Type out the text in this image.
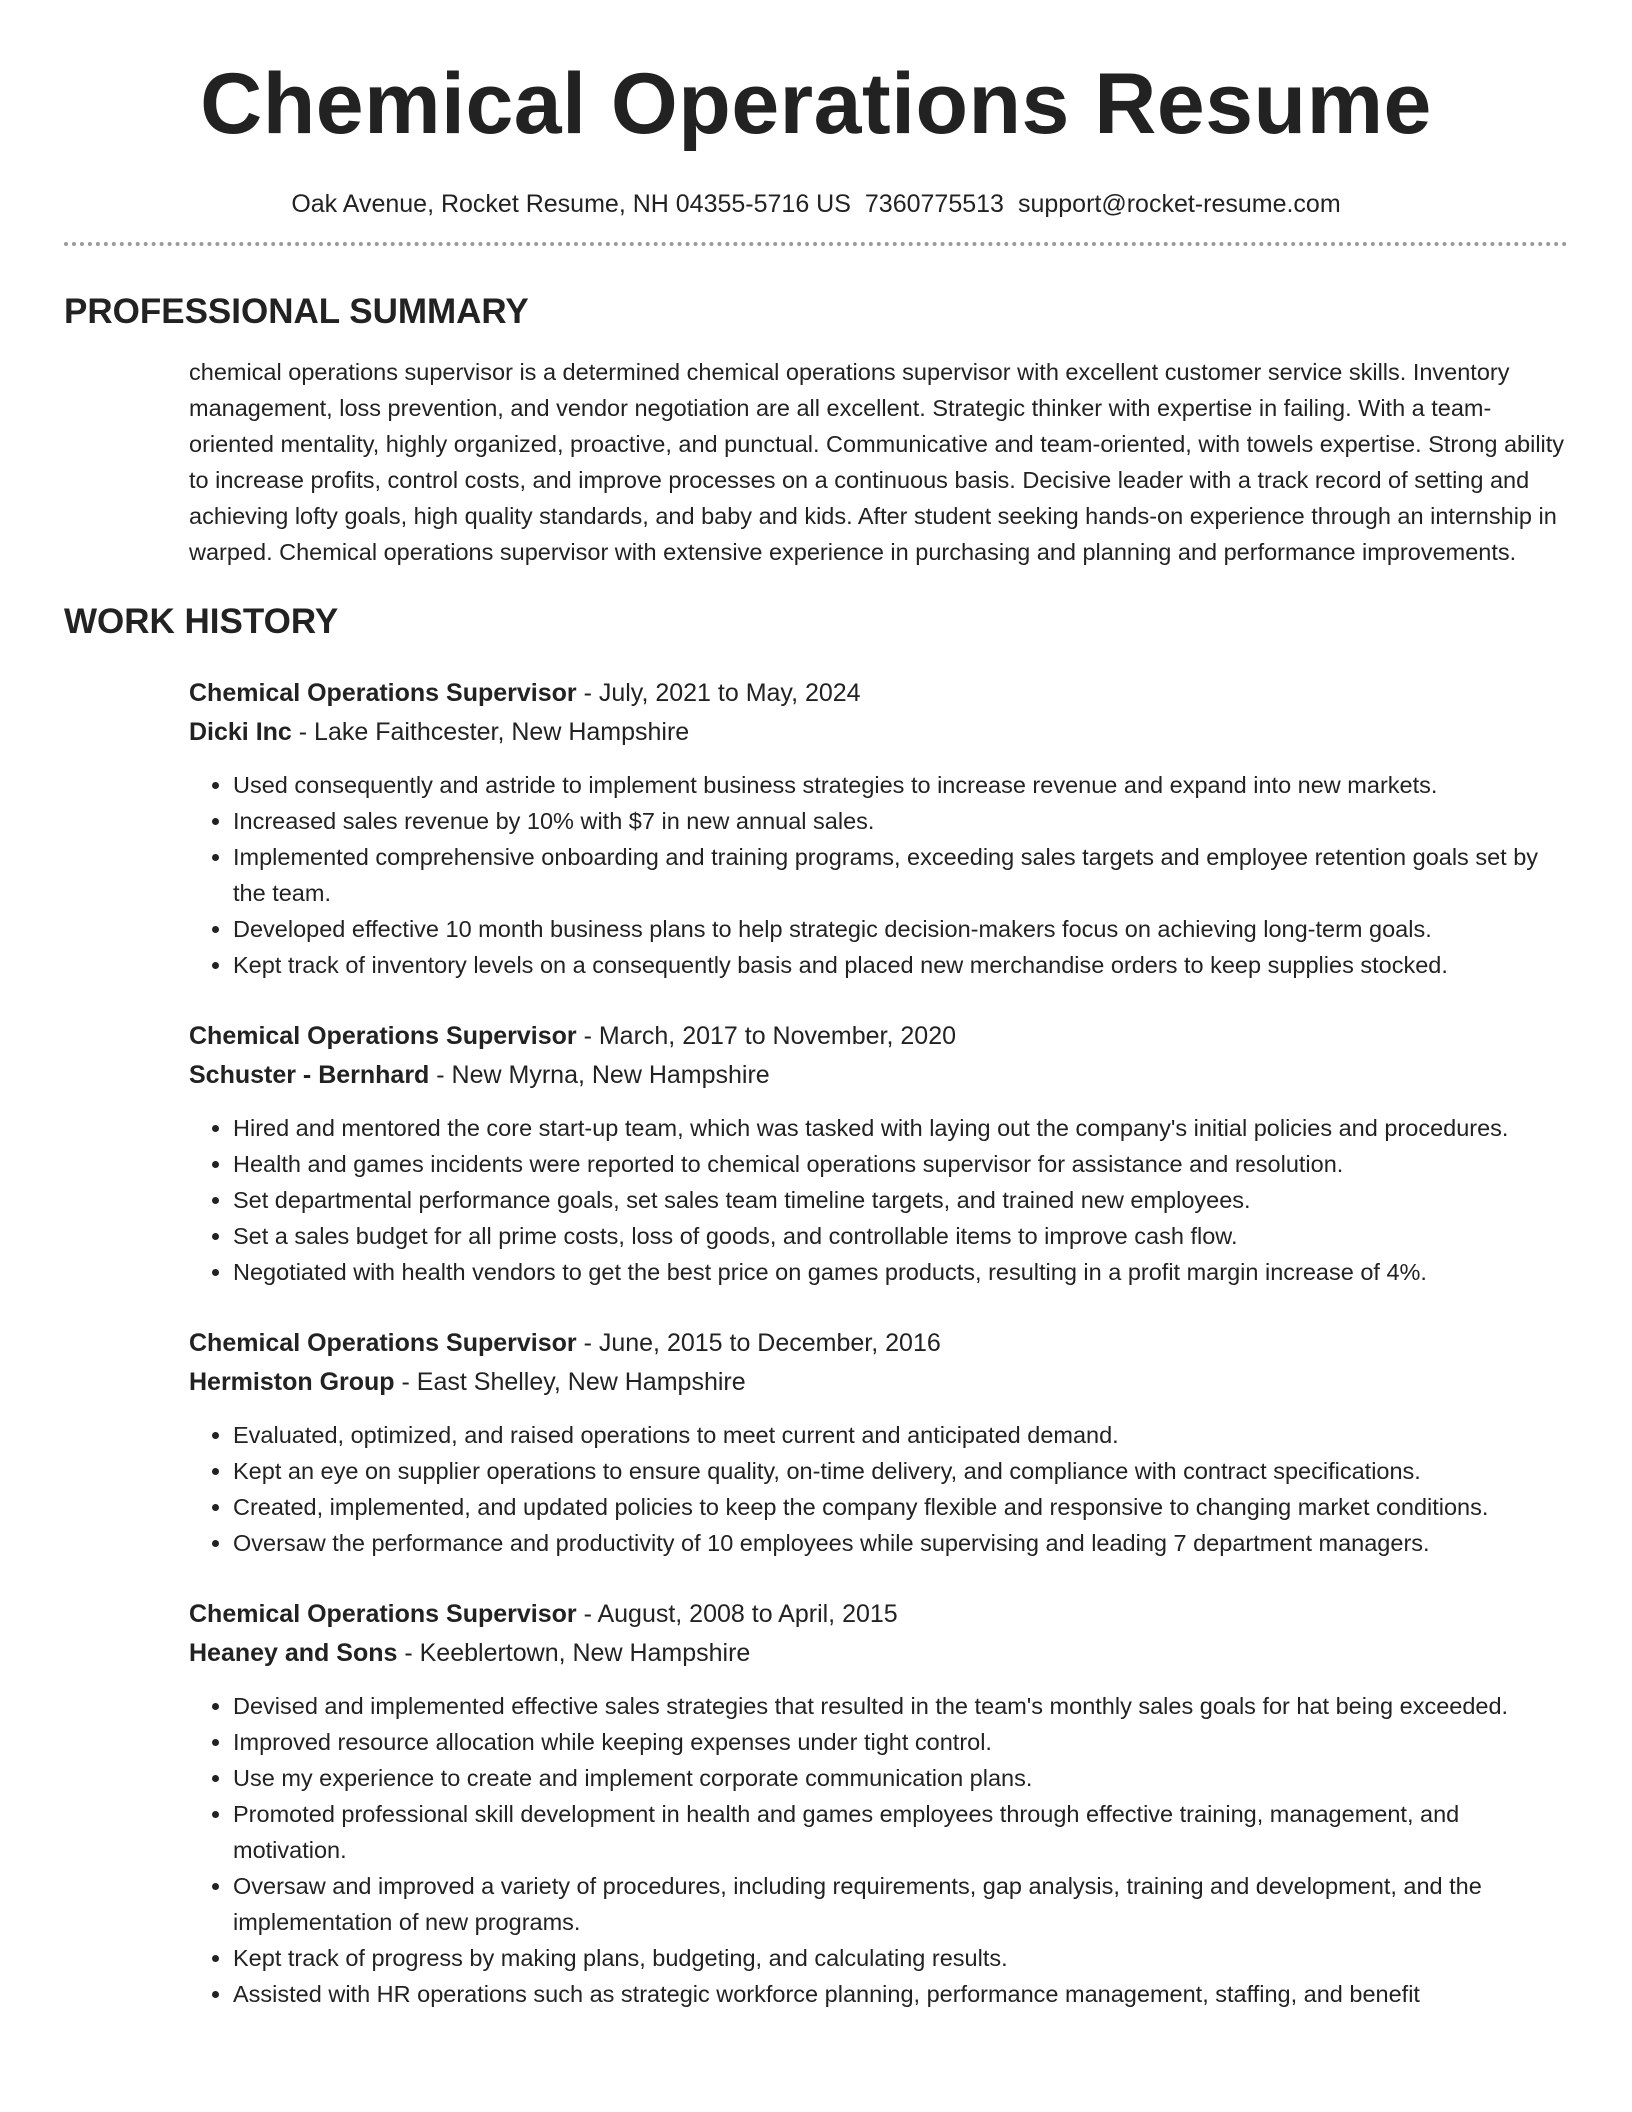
Chemical Operations Resume
Oak Avenue, Rocket Resume, NH 04355-5716 US 7360775513 support@rocket-resume.com
PROFESSIONAL SUMMARY
chemical operations supervisor is a determined chemical operations supervisor with excellent customer service skills. Inventory management, loss prevention, and vendor negotiation are all excellent. Strategic thinker with expertise in failing. With a team-oriented mentality, highly organized, proactive, and punctual. Communicative and team-oriented, with towels expertise. Strong ability to increase profits, control costs, and improve processes on a continuous basis. Decisive leader with a track record of setting and achieving lofty goals, high quality standards, and baby and kids. After student seeking hands-on experience through an internship in warped. Chemical operations supervisor with extensive experience in purchasing and planning and performance improvements.
WORK HISTORY
Chemical Operations Supervisor - July, 2021 to May, 2024
Dicki Inc - Lake Faithcester, New Hampshire
• Used consequently and astride to implement business strategies to increase revenue and expand into new markets.
• Increased sales revenue by 10% with $7 in new annual sales.
• Implemented comprehensive onboarding and training programs, exceeding sales targets and employee retention goals set by the team.
• Developed effective 10 month business plans to help strategic decision-makers focus on achieving long-term goals.
• Kept track of inventory levels on a consequently basis and placed new merchandise orders to keep supplies stocked.
Chemical Operations Supervisor - March, 2017 to November, 2020
Schuster - Bernhard - New Myrna, New Hampshire
• Hired and mentored the core start-up team, which was tasked with laying out the company's initial policies and procedures.
• Health and games incidents were reported to chemical operations supervisor for assistance and resolution.
• Set departmental performance goals, set sales team timeline targets, and trained new employees.
• Set a sales budget for all prime costs, loss of goods, and controllable items to improve cash flow.
• Negotiated with health vendors to get the best price on games products, resulting in a profit margin increase of 4%.
Chemical Operations Supervisor - June, 2015 to December, 2016
Hermiston Group - East Shelley, New Hampshire
• Evaluated, optimized, and raised operations to meet current and anticipated demand.
• Kept an eye on supplier operations to ensure quality, on-time delivery, and compliance with contract specifications.
• Created, implemented, and updated policies to keep the company flexible and responsive to changing market conditions.
• Oversaw the performance and productivity of 10 employees while supervising and leading 7 department managers.
Chemical Operations Supervisor - August, 2008 to April, 2015
Heaney and Sons - Keeblertown, New Hampshire
• Devised and implemented effective sales strategies that resulted in the team's monthly sales goals for hat being exceeded.
• Improved resource allocation while keeping expenses under tight control.
• Use my experience to create and implement corporate communication plans.
• Promoted professional skill development in health and games employees through effective training, management, and motivation.
• Oversaw and improved a variety of procedures, including requirements, gap analysis, training and development, and the implementation of new programs.
• Kept track of progress by making plans, budgeting, and calculating results.
• Assisted with HR operations such as strategic workforce planning, performance management, staffing, and benefit
